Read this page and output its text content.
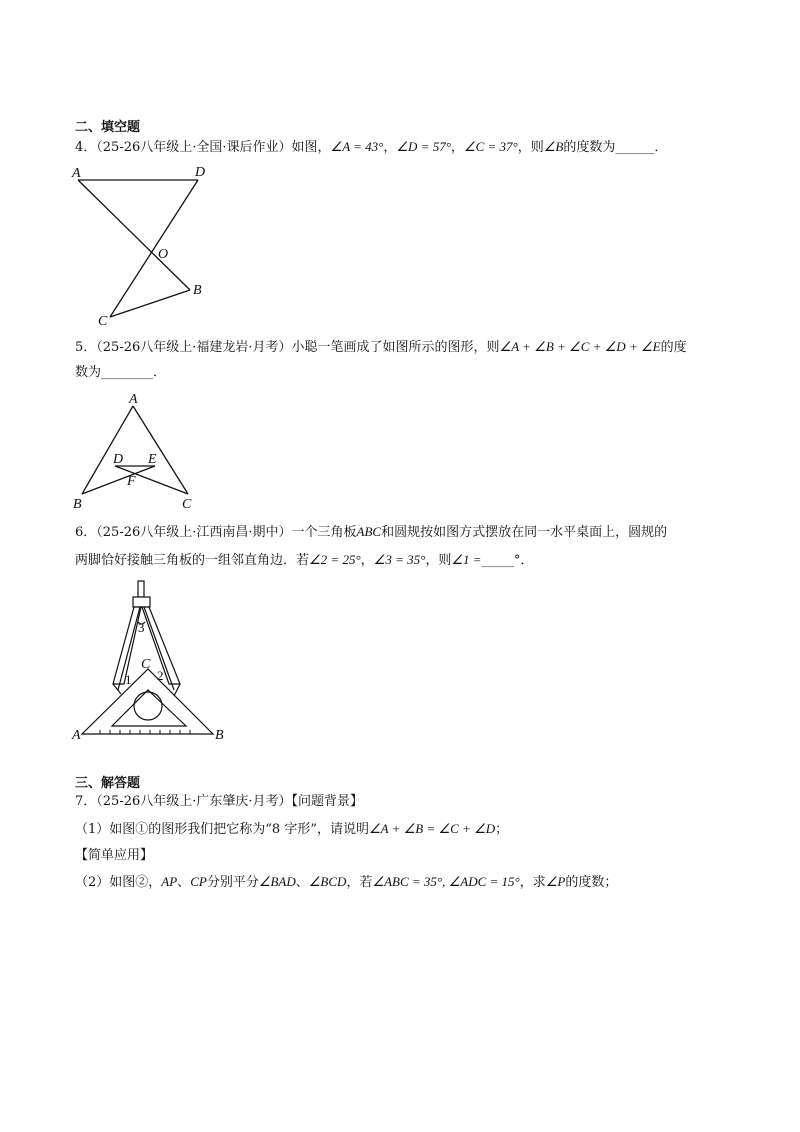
二、填空题
4．（25-26八年级上·全国·课后作业）如图，∠A = 43°，∠D = 57°，∠C = 37°，则∠B的度数为______．
A	D
O
B
C
5．（25-26八年级上·福建龙岩·月考）小聪一笔画成了如图所示的图形，则∠A + ∠B + ∠C + ∠D + ∠E的度
数为________．
A
D E
F
B	C
6．（25-26八年级上·江西南昌·期中）一个三角板ABC和圆规按如图方式摆放在同一水平桌面上，圆规的
两脚恰好接触三角板的一组邻直角边．若∠2 = 25°，∠3 = 35°，则∠1 =_____°．
3
C
1 2
A	B
三、解答题
7．（25-26八年级上·广东肇庆·月考）【问题背景】
（1）如图①的图形我们把它称为“8 字形”，请说明∠A + ∠B = ∠C + ∠D；
【简单应用】
（2）如图②，AP、CP分别平分∠BAD、∠BCD，若∠ABC = 35°, ∠ADC = 15°，求∠P的度数；
